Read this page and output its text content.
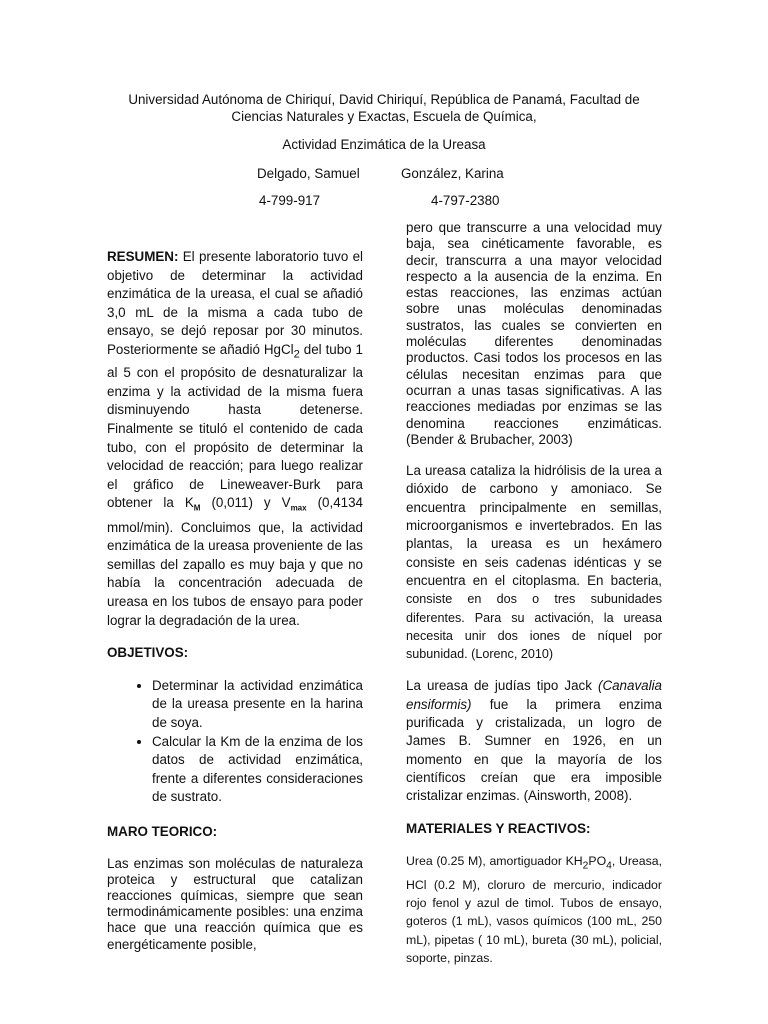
Universidad Autónoma de Chiriquí, David Chiriquí, República de Panamá, Facultad de
Ciencias Naturales y Exactas, Escuela de Química,
Actividad Enzimática de la Ureasa
Delgado, Samuel	González, Karina
4-799-917	4-797-2380

RESUMEN: El presente laboratorio tuvo el objetivo de determinar la actividad enzimática de la ureasa, el cual se añadió 3,0 mL de la misma a cada tubo de ensayo, se dejó reposar por 30 minutos. Posteriormente se añadió HgCl$_2$ del tubo 1 al 5 con el propósito de desnaturalizar la enzima y la actividad de la misma fuera disminuyendo hasta detenerse. Finalmente se tituló el contenido de cada tubo, con el propósito de determinar la velocidad de reacción; para luego realizar el gráfico de Lineweaver-Burk para obtener la $K_M$ (0,011) y $V_{max}$ (0,4134 mmol/min). Concluimos que, la actividad enzimática de la ureasa proveniente de las semillas del zapallo es muy baja y que no había la concentración adecuada de ureasa en los tubos de ensayo para poder lograr la degradación de la urea.

OBJETIVOS:
• Determinar la actividad enzimática de la ureasa presente en la harina de soya.
• Calcular la Km de la enzima de los datos de actividad enzimática, frente a diferentes consideraciones de sustrato.
MARO TEORICO:

Las enzimas son moléculas de naturaleza proteica y estructural que catalizan reacciones químicas, siempre que sean termodinámicamente posibles: una enzima hace que una reacción química que es energéticamente posible,

pero que transcurre a una velocidad muy baja, sea cinéticamente favorable, es decir, transcurra a una mayor velocidad respecto a la ausencia de la enzima. En estas reacciones, las enzimas actúan sobre unas moléculas denominadas sustratos, las cuales se convierten en moléculas diferentes denominadas productos. Casi todos los procesos en las células necesitan enzimas para que ocurran a unas tasas significativas. A las reacciones mediadas por enzimas se las denomina reacciones enzimáticas. (Bender & Brubacher, 2003)

La ureasa cataliza la hidrólisis de la urea a dióxido de carbono y amoniaco. Se encuentra principalmente en semillas, microorganismos e invertebrados. En las plantas, la ureasa es un hexámero consiste en seis cadenas idénticas y se encuentra en el citoplasma. En bacteria, consiste en dos o tres subunidades diferentes. Para su activación, la ureasa necesita unir dos iones de níquel por subunidad. (Lorenc, 2010)

La ureasa de judías tipo Jack (Canavalia ensiformis) fue la primera enzima purificada y cristalizada, un logro de James B. Sumner en 1926, en un momento en que la mayoría de los científicos creían que era imposible cristalizar enzimas. (Ainsworth, 2008).

MATERIALES Y REACTIVOS:

Urea (0.25 M), amortiguador $KH_2PO_4$, Ureasa, HCl (0.2 M), cloruro de mercurio, indicador rojo fenol y azul de timol. Tubos de ensayo, goteros (1 mL), vasos químicos (100 mL, 250 mL), pipetas ( 10 mL), bureta (30 mL), policial, soporte, pinzas.
